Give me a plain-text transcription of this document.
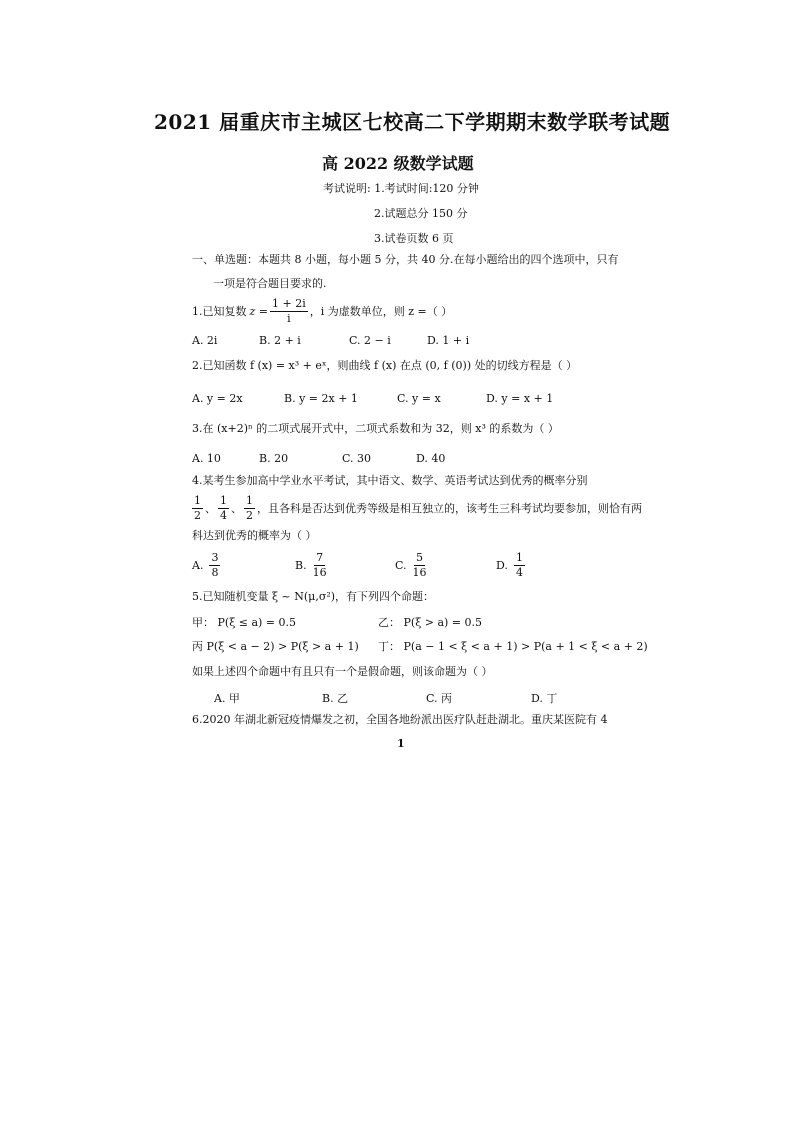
2021 届重庆市主城区七校高二下学期期末数学联考试题
高 2022 级数学试题
考试说明: 1.考试时间:120 分钟
2.试题总分 150 分
3.试卷页数 6 页
一、单选题：本题共 8 小题，每小题 5 分，共 40 分.在每小题给出的四个选项中，只有
一项是符合题目要求的.
1.已知复数 $z = \frac{1 + 2i}{i}$ ，i 为虚数单位，则 z =（ ）
A. 2i	B. 2 + i	C. 2 − i	D. 1 + i
2.已知函数 f (x) = x³ + eˣ，则曲线 f (x) 在点 (0, f (0)) 处的切线方程是（ ）
A. y = 2x	B. y = 2x + 1	C. y = x	D. y = x + 1
3.在 (x+2)ⁿ 的二项式展开式中，二项式系数和为 32，则 x³ 的系数为（ ）
A. 10	B. 20	C. 30	D. 40
4.某考生参加高中学业水平考试，其中语文、数学、英语考试达到优秀的概率分别
$\frac{1}{2}$ 、 $\frac{1}{4}$ 、 $\frac{1}{2}$ ，且各科是否达到优秀等级是相互独立的，该考生三科考试均要参加，则恰有两
科达到优秀的概率为（ ）
A. $\frac{3}{8}$	B. $\frac{7}{16}$	C. $\frac{5}{16}$	D. $\frac{1}{4}$
5.已知随机变量 ξ ~ N(μ,σ²)，有下列四个命题：
甲： P(ξ ≤ a) = 0.5	乙： P(ξ > a) = 0.5
丙 P(ξ < a − 2) > P(ξ > a + 1) 丁： P(a − 1 < ξ < a + 1) > P(a + 1 < ξ < a + 2)
如果上述四个命题中有且只有一个是假命题，则该命题为（ ）
A. 甲	B. 乙	C. 丙	D. 丁
6.2020 年湖北新冠疫情爆发之初，全国各地纷派出医疗队赶赴湖北。重庆某医院有 4
1
